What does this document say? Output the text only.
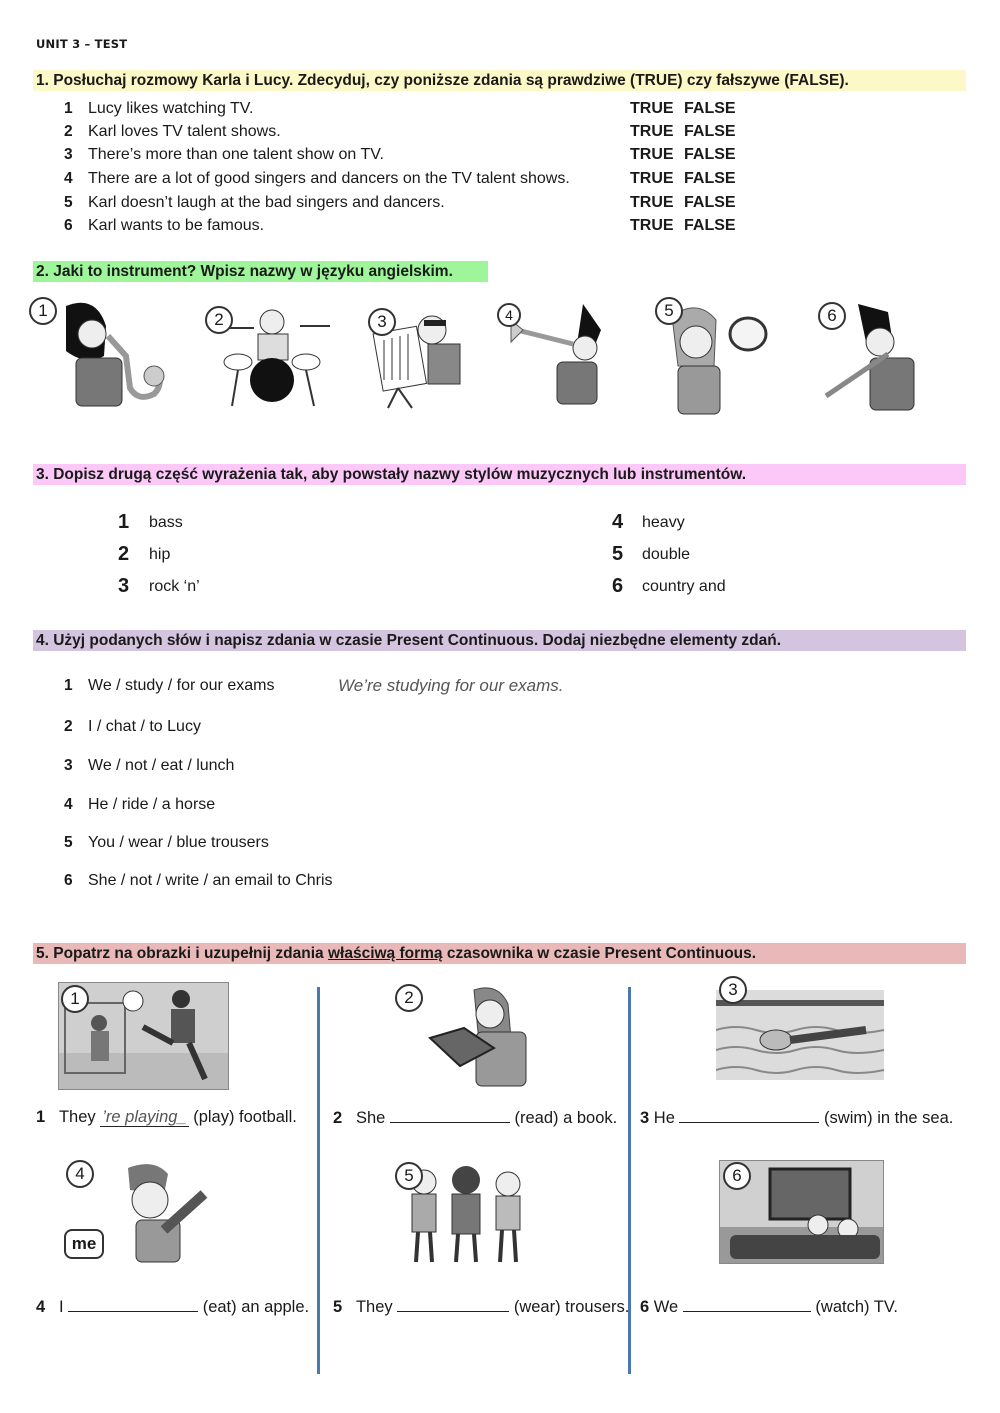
UNIT 3 – TEST
1. Posłuchaj rozmowy Karla i Lucy. Zdecyduj, czy poniższe zdania są prawdziwe (TRUE) czy fałszywe (FALSE).
1 Lucy likes watching TV.	TRUE FALSE
2 Karl loves TV talent shows.	TRUE FALSE
3 There’s more than one talent show on TV.	TRUE FALSE
4 There are a lot of good singers and dancers on the TV talent shows.	TRUE FALSE
5 Karl doesn’t laugh at the bad singers and dancers.	TRUE FALSE
6 Karl wants to be famous.	TRUE FALSE
2. Jaki to instrument? Wpisz nazwy w języku angielskim.
1	2	3	4	5	6
3. Dopisz drugą część wyrażenia tak, aby powstały nazwy stylów muzycznych lub instrumentów.
1 bass
2 hip
3 rock ‘n’
4 heavy
5 double
6 country and
4. Użyj podanych słów i napisz zdania w czasie Present Continuous. Dodaj niezbędne elementy zdań.
1 We / study / for our exams	We’re studying for our exams.
2 I / chat / to Lucy
3 We / not / eat / lunch
4 He / ride / a horse
5 You / wear / blue trousers
6 She / not / write / an email to Chris
5. Popatrz na obrazki i uzupełnij zdania właściwą formą czasownika w czasie Present Continuous.
1	2	3
1 They ’re playing_ (play) football. 2 She	(read) a book. 3 He	(swim) in the sea.
4
me
5	6
4 I	(eat) an apple. 5 They	(wear) trousers. 6 We	(watch) TV.
